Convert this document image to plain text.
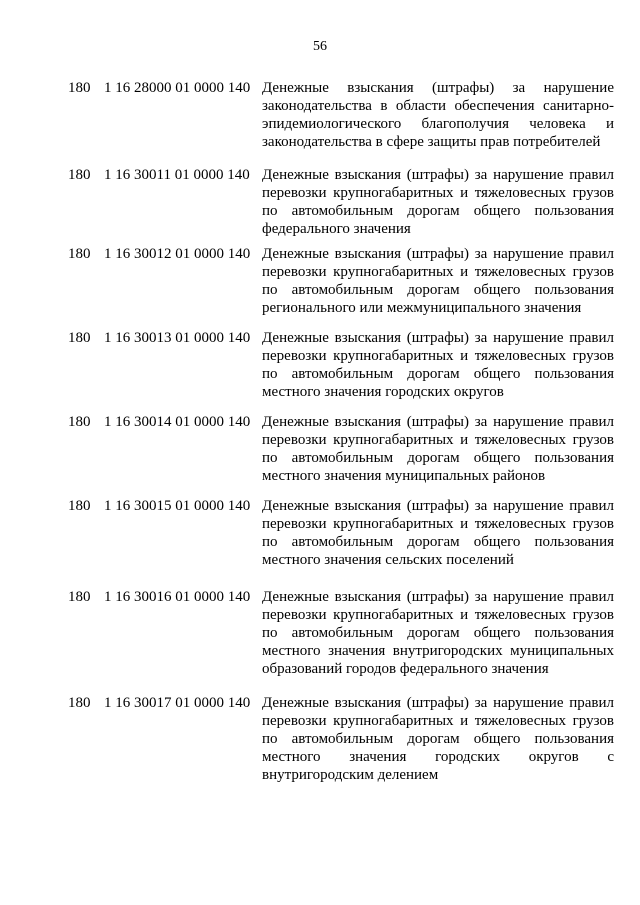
56
180 1 16 28000 01 0000 140 Денежные взыскания (штрафы) за нарушение законодательства в области обеспечения санитарно-эпидемиологического благополучия человека и законодательства в сфере защиты прав потребителей
180 1 16 30011 01 0000 140 Денежные взыскания (штрафы) за нарушение правил перевозки крупногабаритных и тяжеловесных грузов по автомобильным дорогам общего пользования федерального значения
180 1 16 30012 01 0000 140 Денежные взыскания (штрафы) за нарушение правил перевозки крупногабаритных и тяжеловесных грузов по автомобильным дорогам общего пользования регионального или межмуниципального значения
180 1 16 30013 01 0000 140 Денежные взыскания (штрафы) за нарушение правил перевозки крупногабаритных и тяжеловесных грузов по автомобильным дорогам общего пользования местного значения городских округов
180 1 16 30014 01 0000 140 Денежные взыскания (штрафы) за нарушение правил перевозки крупногабаритных и тяжеловесных грузов по автомобильным дорогам общего пользования местного значения муниципальных районов
180 1 16 30015 01 0000 140 Денежные взыскания (штрафы) за нарушение правил перевозки крупногабаритных и тяжеловесных грузов по автомобильным дорогам общего пользования местного значения сельских поселений
180 1 16 30016 01 0000 140 Денежные взыскания (штрафы) за нарушение правил перевозки крупногабаритных и тяжеловесных грузов по автомобильным дорогам общего пользования местного значения внутригородских муниципальных образований городов федерального значения
180 1 16 30017 01 0000 140 Денежные взыскания (штрафы) за нарушение правил перевозки крупногабаритных и тяжеловесных грузов по автомобильным дорогам общего пользования местного значения городских округов с внутригородским делением
